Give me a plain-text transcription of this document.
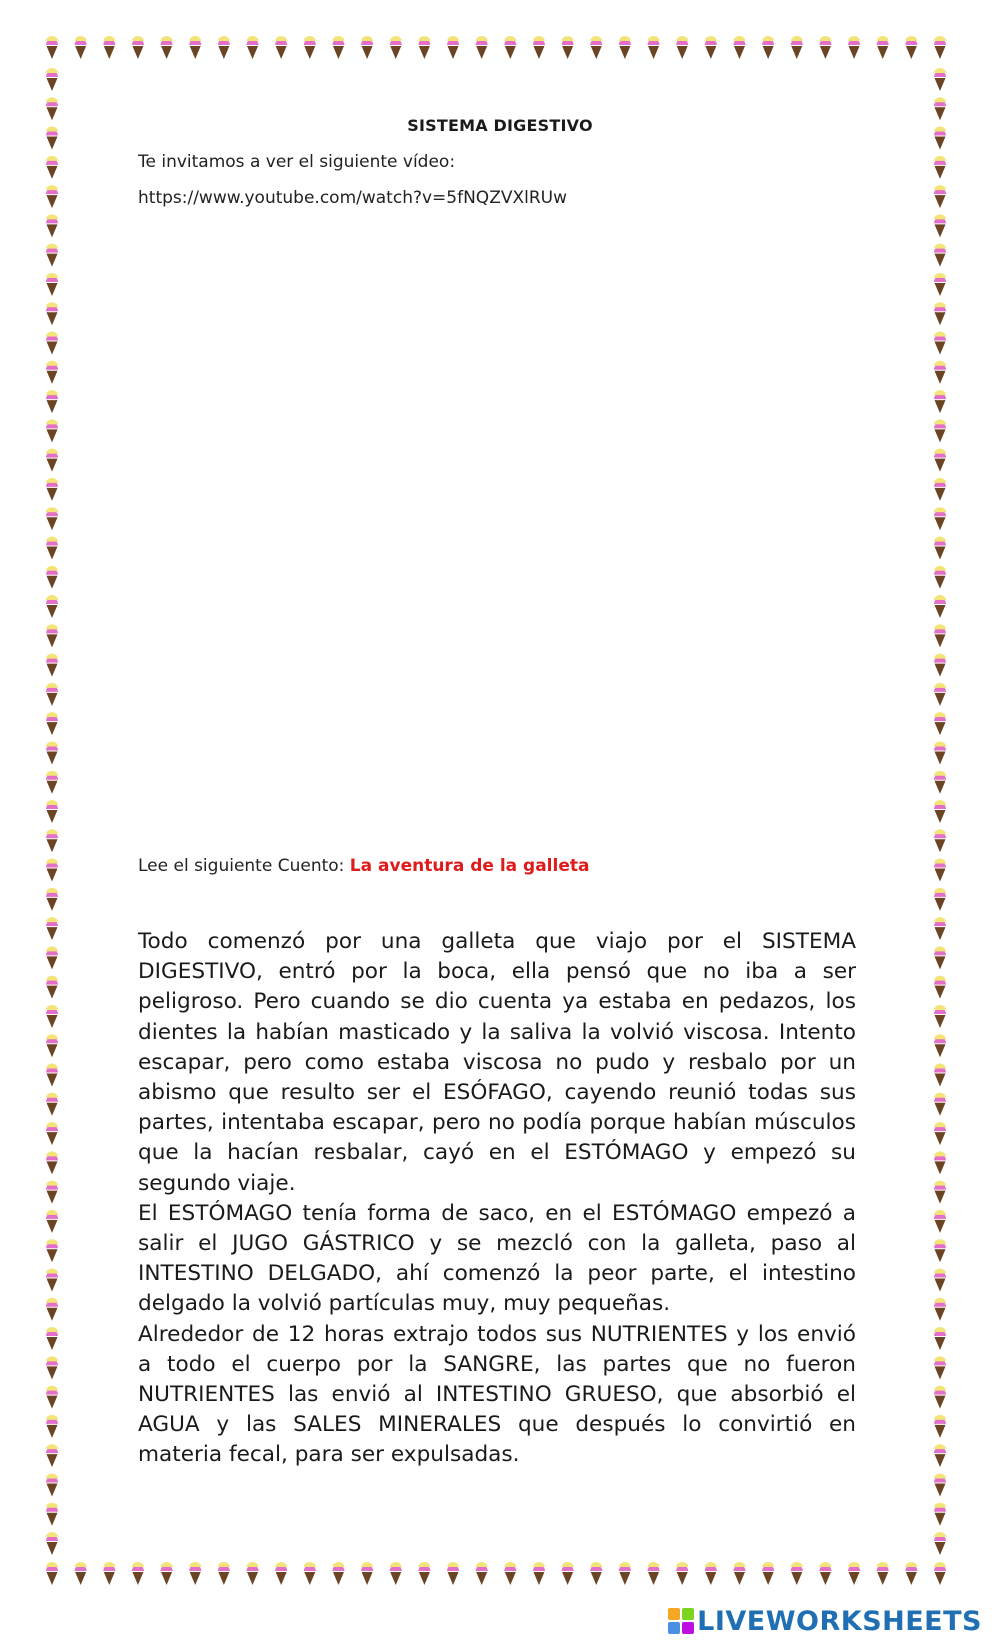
SISTEMA DIGESTIVO
Te invitamos a ver el siguiente vídeo:
https://www.youtube.com/watch?v=5fNQZVXlRUw
Lee el siguiente Cuento: La aventura de la galleta

Todo comenzó por una galleta que viajo por el SISTEMA DIGESTIVO, entró por la boca, ella pensó que no iba a ser peligroso. Pero cuando se dio cuenta ya estaba en pedazos, los dientes la habían masticado y la saliva la volvió viscosa. Intento escapar, pero como estaba viscosa no pudo y resbalo por un abismo que resulto ser el ESÓFAGO, cayendo reunió todas sus partes, intentaba escapar, pero no podía porque habían músculos que la hacían resbalar, cayó en el ESTÓMAGO y empezó su segundo viaje.

El ESTÓMAGO tenía forma de saco, en el ESTÓMAGO empezó a salir el JUGO GÁSTRICO y se mezcló con la galleta, paso al INTESTINO DELGADO, ahí comenzó la peor parte, el intestino delgado la volvió partículas muy, muy pequeñas.

Alrededor de 12 horas extrajo todos sus NUTRIENTES y los envió a todo el cuerpo por la SANGRE, las partes que no fueron NUTRIENTES las envió al INTESTINO GRUESO, que absorbió el AGUA y las SALES MINERALES que después lo convirtió en materia fecal, para ser expulsadas.

LIVEWORKSHEETS
